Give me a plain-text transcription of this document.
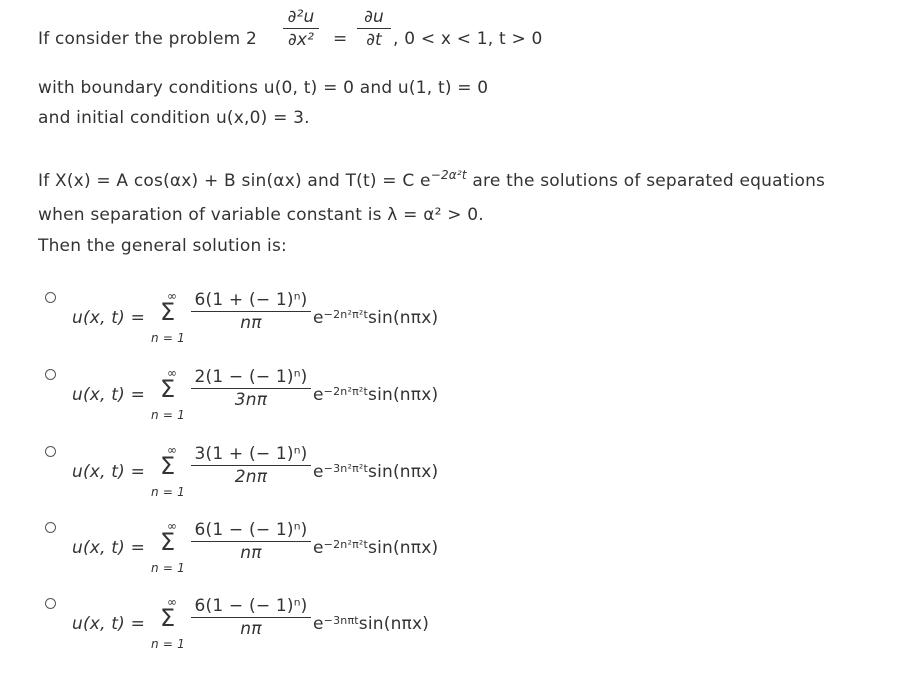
If consider the problem 2
∂²u
∂x² =
∂u
∂t , 0 < x < 1, t > 0
with boundary conditions u(0, t) = 0 and u(1, t) = 0
and initial condition u(x,0) = 3.
If X(x) = A cos(αx) + B sin(αx) and T(t) = C $e^{-2\alpha^2t}$ are the solutions of separated equations
when separation of variable constant is λ = α² > 0.
Then the general solution is:
u(x, t) =
∞
Σ
n = 1
6(1 + (− 1)ⁿ)
nπ	$e^{-2n^2\pi^2t}\sin(n\pi x)$
u(x, t) =
∞
Σ
n = 1
2(1 − (− 1)ⁿ)
3nπ	$e^{-2n^2\pi^2t}\sin(n\pi x)$
u(x, t) =
∞
Σ
n = 1
3(1 + (− 1)ⁿ)
2nπ	$e^{-3n^2\pi^2t}\sin(n\pi x)$
u(x, t) =
∞
Σ
n = 1
6(1 − (− 1)ⁿ)
nπ	$e^{-2n^2\pi^2t}\sin(n\pi x)$
u(x, t) =
∞
Σ
n = 1
6(1 − (− 1)ⁿ)
nπ	$e^{-3n\pi t}\sin(n\pi x)$
